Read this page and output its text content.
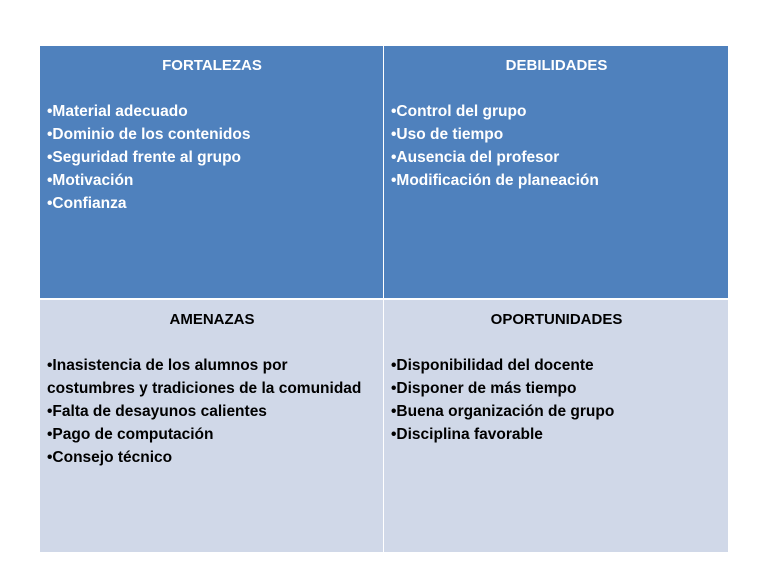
FORTALEZAS
•Material adecuado
•Dominio de los contenidos
•Seguridad frente al grupo
•Motivación
•Confianza
DEBILIDADES
•Control del grupo
•Uso de tiempo
•Ausencia del profesor
•Modificación de planeación
AMENAZAS
•Inasistencia de los alumnos por costumbres y tradiciones de la comunidad
•Falta de desayunos calientes
•Pago de computación
•Consejo técnico
OPORTUNIDADES
•Disponibilidad del docente
•Disponer de más tiempo
•Buena organización de grupo
•Disciplina favorable
